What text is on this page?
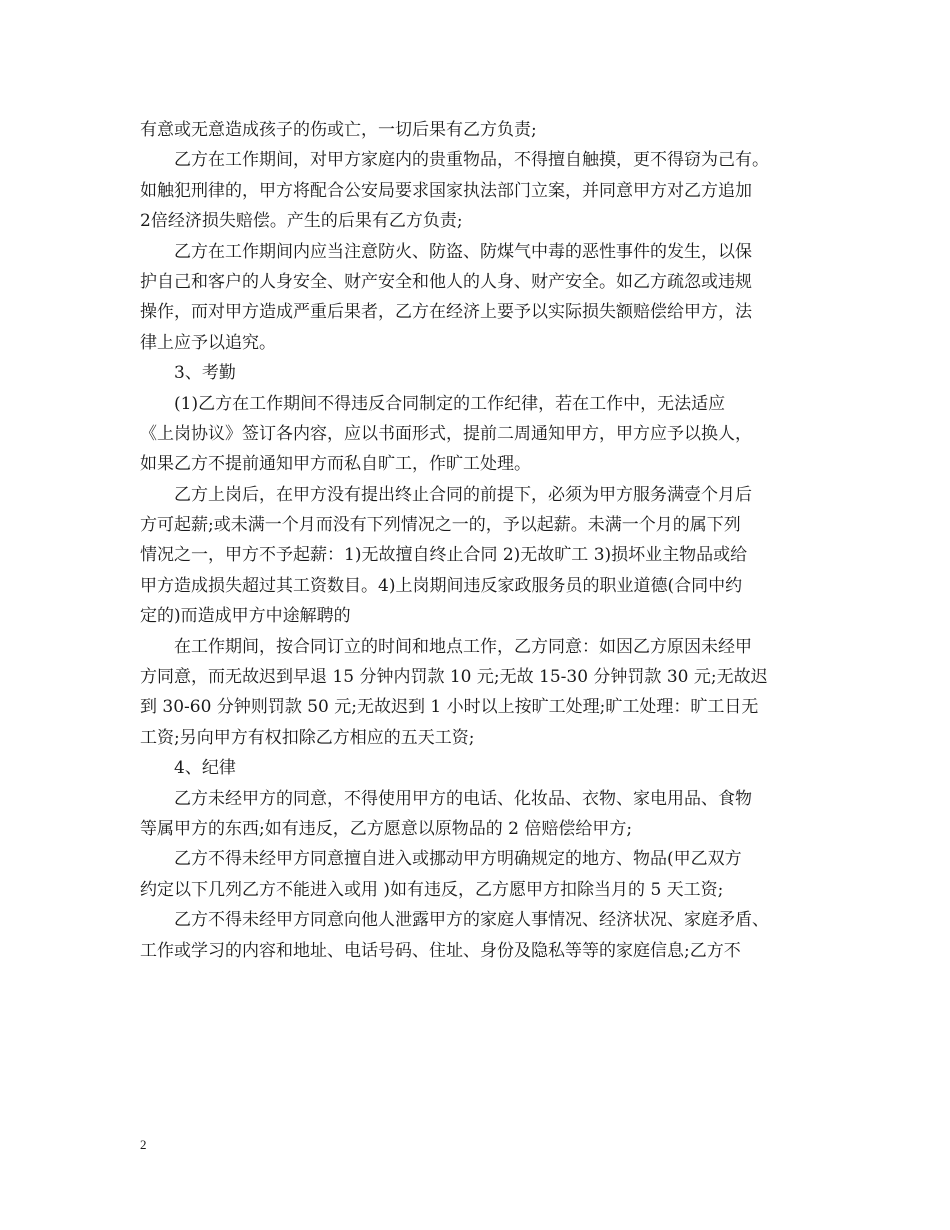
有意或无意造成孩子的伤或亡，一切后果有乙方负责;
乙方在工作期间，对甲方家庭内的贵重物品，不得擅自触摸，更不得窃为己有。
如触犯刑律的，甲方将配合公安局要求国家执法部门立案，并同意甲方对乙方追加
2倍经济损失赔偿。产生的后果有乙方负责;
乙方在工作期间内应当注意防火、防盗、防煤气中毒的恶性事件的发生，以保
护自己和客户的人身安全、财产安全和他人的人身、财产安全。如乙方疏忽或违规
操作，而对甲方造成严重后果者，乙方在经济上要予以实际损失额赔偿给甲方，法
律上应予以追究。
3、考勤
(1)乙方在工作期间不得违反合同制定的工作纪律，若在工作中，无法适应
《上岗协议》签订各内容，应以书面形式，提前二周通知甲方，甲方应予以换人，
如果乙方不提前通知甲方而私自旷工，作旷工处理。
乙方上岗后，在甲方没有提出终止合同的前提下，必须为甲方服务满壹个月后
方可起薪;或未满一个月而没有下列情况之一的，予以起薪。未满一个月的属下列
情况之一，甲方不予起薪：1)无故擅自终止合同 2)无故旷工 3)损坏业主物品或给
甲方造成损失超过其工资数目。4)上岗期间违反家政服务员的职业道德(合同中约
定的)而造成甲方中途解聘的
在工作期间，按合同订立的时间和地点工作，乙方同意：如因乙方原因未经甲
方同意，而无故迟到早退 15 分钟内罚款 10 元;无故 15-30 分钟罚款 30 元;无故迟
到 30-60 分钟则罚款 50 元;无故迟到 1 小时以上按旷工处理;旷工处理：旷工日无
工资;另向甲方有权扣除乙方相应的五天工资;
4、纪律
乙方未经甲方的同意，不得使用甲方的电话、化妆品、衣物、家电用品、食物
等属甲方的东西;如有违反，乙方愿意以原物品的 2 倍赔偿给甲方;
乙方不得未经甲方同意擅自进入或挪动甲方明确规定的地方、物品(甲乙双方
约定以下几列乙方不能进入或用 )如有违反，乙方愿甲方扣除当月的 5 天工资;
乙方不得未经甲方同意向他人泄露甲方的家庭人事情况、经济状况、家庭矛盾、
工作或学习的内容和地址、电话号码、住址、身份及隐私等等的家庭信息;乙方不
2
